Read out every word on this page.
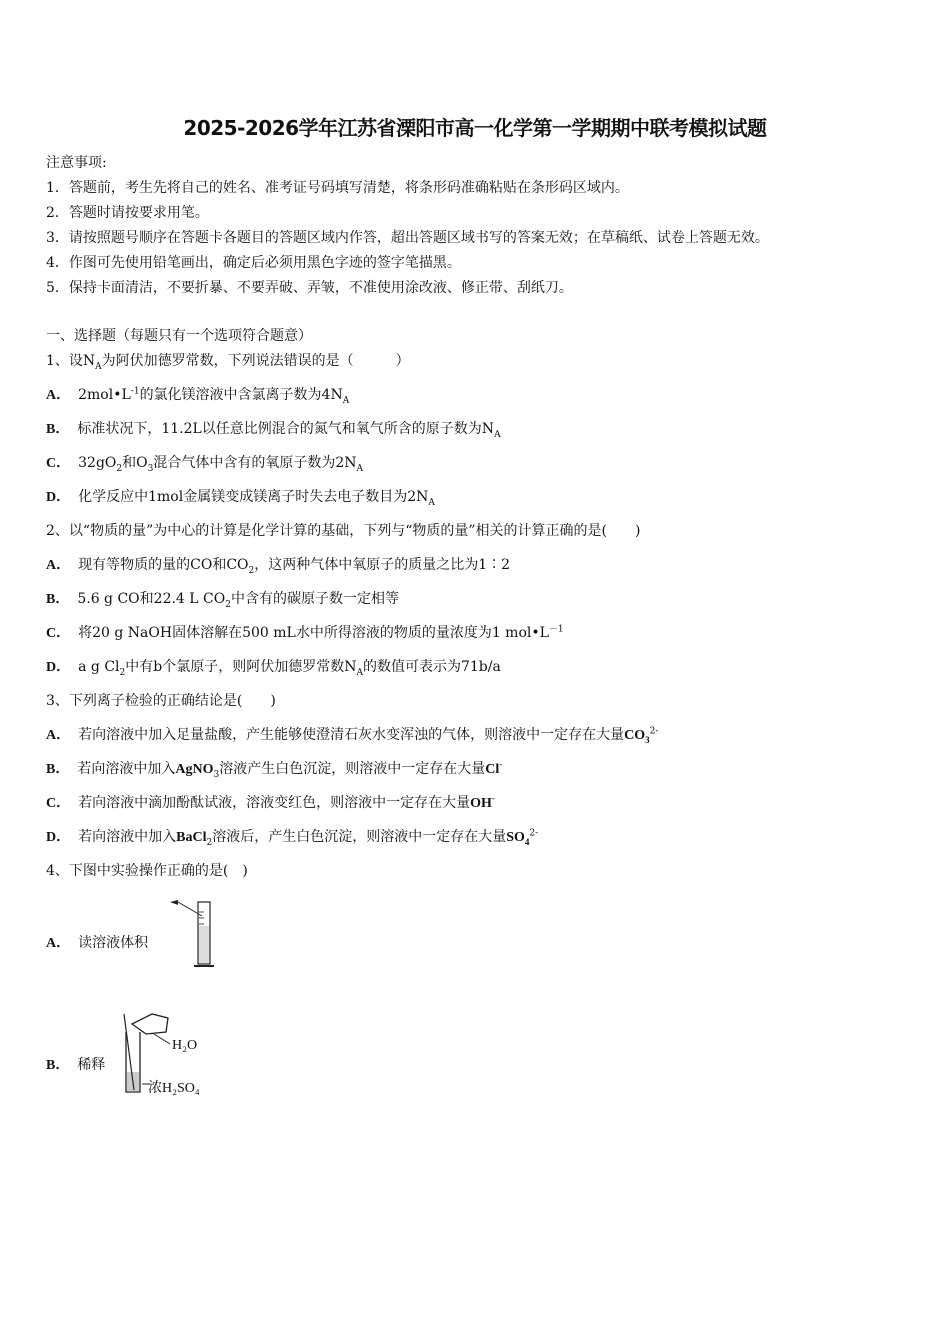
2025-2026学年江苏省溧阳市高一化学第一学期期中联考模拟试题
注意事项:
1．答题前，考生先将自己的姓名、准考证号码填写清楚，将条形码准确粘贴在条形码区域内。
2．答题时请按要求用笔。
3．请按照题号顺序在答题卡各题目的答题区域内作答，超出答题区域书写的答案无效；在草稿纸、试卷上答题无效。
4．作图可先使用铅笔画出，确定后必须用黑色字迹的签字笔描黑。
5．保持卡面清洁，不要折暴、不要弄破、弄皱，不准使用涂改液、修正带、刮纸刀。
一、选择题（每题只有一个选项符合题意）
1、设$N_A$为阿伏加德罗常数，下列说法错误的是（　　　）
A． $2mol•L^{-1}$的氯化镁溶液中含氯离子数为$4N_A$
B． 标准状况下，11.2L以任意比例混合的氮气和氧气所含的原子数为$N_A$
C． $32gO_2$和$O_3$混合气体中含有的氧原子数为$2N_A$
D． 化学反应中1mol金属镁变成镁离子时失去电子数目为$2N_A$
2、以“物质的量”为中心的计算是化学计算的基础，下列与“物质的量”相关的计算正确的是(　　)
A． 现有等物质的量的CO和$CO_2$，这两种气体中氧原子的质量之比为1∶2
B． 5.6 g CO和22.4 L $CO_2$中含有的碳原子数一定相等
C． 将20 g NaOH固体溶解在500 mL水中所得溶液的物质的量浓度为1 $mol•L^{-1}$
D． a g $Cl_2$中有b个氯原子，则阿伏加德罗常数$N_A$的数值可表示为71b/a
3、下列离子检验的正确结论是(　　)
A． 若向溶液中加入足量盐酸，产生能够使澄清石灰水变浑浊的气体，则溶液中一定存在大量$CO_3^{2-}$
B． 若向溶液中加入AgNO$_3$溶液产生白色沉淀，则溶液中一定存在大量Cl-
C． 若向溶液中滴加酚酞试液，溶液变红色，则溶液中一定存在大量OH-
D． 若向溶液中加入BaCl$_2$溶液后，产生白色沉淀，则溶液中一定存在大量$SO_4^{2-}$
4、下图中实验操作正确的是(　)
A． 读溶液体积
B． 稀释
H₂O
浓H₂SO₄
